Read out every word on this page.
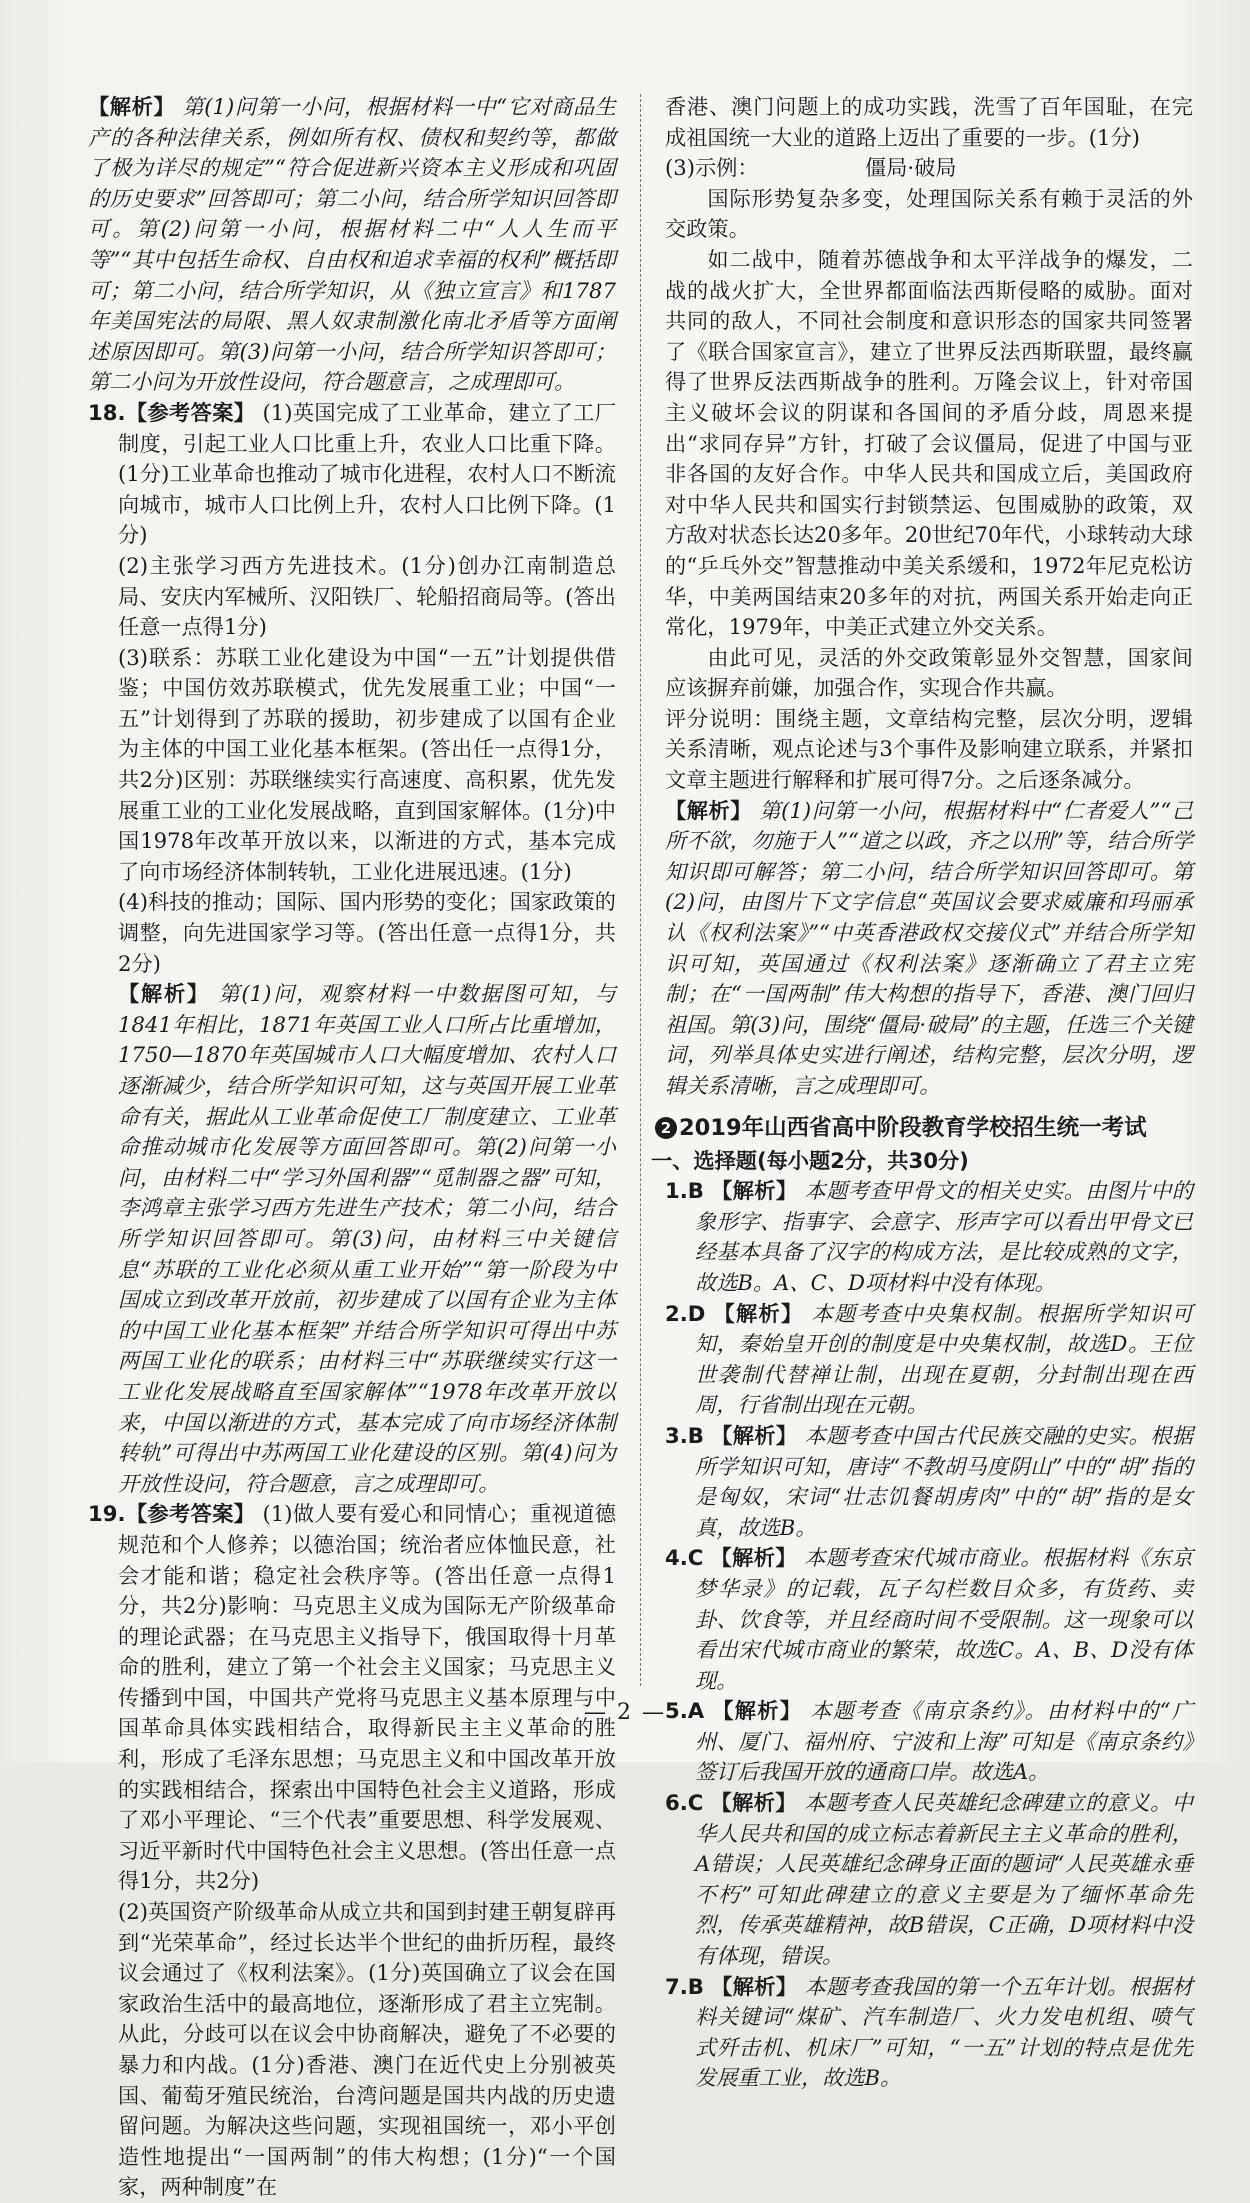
【解析】 第(1)问第一小问，根据材料一中“它对商品生产的各种法律关系，例如所有权、债权和契约等，都做了极为详尽的规定”“符合促进新兴资本主义形成和巩固的历史要求”回答即可；第二小问，结合所学知识回答即可。第(2)问第一小问，根据材料二中“人人生而平等”“其中包括生命权、自由权和追求幸福的权利”概括即可；第二小问，结合所学知识，从《独立宣言》和1787年美国宪法的局限、黑人奴隶制激化南北矛盾等方面阐述原因即可。第(3)问第一小问，结合所学知识答即可；第二小问为开放性设问，符合题意言，之成理即可。

18.【参考答案】 (1)英国完成了工业革命，建立了工厂制度，引起工业人口比重上升，农业人口比重下降。(1分)工业革命也推动了城市化进程，农村人口不断流向城市，城市人口比例上升，农村人口比例下降。(1分)

(2)主张学习西方先进技术。(1分)创办江南制造总局、安庆内军械所、汉阳铁厂、轮船招商局等。(答出任意一点得1分)

(3)联系：苏联工业化建设为中国“一五”计划提供借鉴；中国仿效苏联模式，优先发展重工业；中国“一五”计划得到了苏联的援助，初步建成了以国有企业为主体的中国工业化基本框架。(答出任一点得1分，共2分)区别：苏联继续实行高速度、高积累，优先发展重工业的工业化发展战略，直到国家解体。(1分)中国1978年改革开放以来，以渐进的方式，基本完成了向市场经济体制转轨，工业化进展迅速。(1分)

(4)科技的推动；国际、国内形势的变化；国家政策的调整，向先进国家学习等。(答出任意一点得1分，共2分)

【解析】 第(1)问，观察材料一中数据图可知，与1841年相比，1871年英国工业人口所占比重增加，1750—1870年英国城市人口大幅度增加、农村人口逐渐减少，结合所学知识可知，这与英国开展工业革命有关，据此从工业革命促使工厂制度建立、工业革命推动城市化发展等方面回答即可。第(2)问第一小问，由材料二中“学习外国利器”“觅制器之器”可知，李鸿章主张学习西方先进生产技术；第二小问，结合所学知识回答即可。第(3)问，由材料三中关键信息“苏联的工业化必须从重工业开始”“第一阶段为中国成立到改革开放前，初步建成了以国有企业为主体的中国工业化基本框架”并结合所学知识可得出中苏两国工业化的联系；由材料三中“苏联继续实行这一工业化发展战略直至国家解体”“1978年改革开放以来，中国以渐进的方式，基本完成了向市场经济体制转轨”可得出中苏两国工业化建设的区别。第(4)问为开放性设问，符合题意，言之成理即可。

19.【参考答案】 (1)做人要有爱心和同情心；重视道德规范和个人修养；以德治国；统治者应体恤民意，社会才能和谐；稳定社会秩序等。(答出任意一点得1分，共2分)影响：马克思主义成为国际无产阶级革命的理论武器；在马克思主义指导下，俄国取得十月革命的胜利，建立了第一个社会主义国家；马克思主义传播到中国，中国共产党将马克思主义基本原理与中国革命具体实践相结合，取得新民主主义革命的胜利，形成了毛泽东思想；马克思主义和中国改革开放的实践相结合，探索出中国特色社会主义道路，形成了邓小平理论、“三个代表”重要思想、科学发展观、习近平新时代中国特色社会主义思想。(答出任意一点得1分，共2分)

(2)英国资产阶级革命从成立共和国到封建王朝复辟再到“光荣革命”，经过长达半个世纪的曲折历程，最终议会通过了《权利法案》。(1分)英国确立了议会在国家政治生活中的最高地位，逐渐形成了君主立宪制。从此，分歧可以在议会中协商解决，避免了不必要的暴力和内战。(1分)香港、澳门在近代史上分别被英国、葡萄牙殖民统治，台湾问题是国共内战的历史遗留问题。为解决这些问题，实现祖国统一，邓小平创造性地提出“一国两制”的伟大构想；(1分)“一个国家，两种制度”在

香港、澳门问题上的成功实践，洗雪了百年国耻，在完成祖国统一大业的道路上迈出了重要的一步。(1分)

(3)示例：	僵局·破局

国际形势复杂多变，处理国际关系有赖于灵活的外交政策。

如二战中，随着苏德战争和太平洋战争的爆发，二战的战火扩大，全世界都面临法西斯侵略的威胁。面对共同的敌人，不同社会制度和意识形态的国家共同签署了《联合国家宣言》，建立了世界反法西斯联盟，最终赢得了世界反法西斯战争的胜利。万隆会议上，针对帝国主义破坏会议的阴谋和各国间的矛盾分歧，周恩来提出“求同存异”方针，打破了会议僵局，促进了中国与亚非各国的友好合作。中华人民共和国成立后，美国政府对中华人民共和国实行封锁禁运、包围威胁的政策，双方敌对状态长达20多年。20世纪70年代，小球转动大球的“乒乓外交”智慧推动中美关系缓和，1972年尼克松访华，中美两国结束20多年的对抗，两国关系开始走向正常化，1979年，中美正式建立外交关系。

由此可见，灵活的外交政策彰显外交智慧，国家间应该摒弃前嫌，加强合作，实现合作共赢。

评分说明：围绕主题，文章结构完整，层次分明，逻辑关系清晰，观点论述与3个事件及影响建立联系，并紧扣文章主题进行解释和扩展可得7分。之后逐条减分。

【解析】 第(1)问第一小问，根据材料中“仁者爱人”“己所不欲，勿施于人”“道之以政，齐之以刑”等，结合所学知识即可解答；第二小问，结合所学知识回答即可。第(2)问，由图片下文字信息“英国议会要求威廉和玛丽承认《权利法案》”“中英香港政权交接仪式”并结合所学知识可知，英国通过《权利法案》逐渐确立了君主立宪制；在“一国两制”伟大构想的指导下，香港、澳门回归祖国。第(3)问，围绕“僵局·破局”的主题，任选三个关键词，列举具体史实进行阐述，结构完整，层次分明，逻辑关系清晰，言之成理即可。

2 2019年山西省高中阶段教育学校招生统一考试

一、选择题(每小题2分，共30分)

1.B 【解析】 本题考查甲骨文的相关史实。由图片中的象形字、指事字、会意字、形声字可以看出甲骨文已经基本具备了汉字的构成方法，是比较成熟的文字，故选B。A、C、D项材料中没有体现。
2.D 【解析】 本题考查中央集权制。根据所学知识可知，秦始皇开创的制度是中央集权制，故选D。王位世袭制代替禅让制，出现在夏朝，分封制出现在西周，行省制出现在元朝。
3.B 【解析】 本题考查中国古代民族交融的史实。根据所学知识可知，唐诗“不教胡马度阴山”中的“胡”指的是匈奴，宋词“壮志饥餐胡虏肉”中的“胡”指的是女真，故选B。
4.C 【解析】 本题考查宋代城市商业。根据材料《东京梦华录》的记载，瓦子勾栏数目众多，有货药、卖卦、饮食等，并且经商时间不受限制。这一现象可以看出宋代城市商业的繁荣，故选C。A、B、D没有体现。
5.A 【解析】 本题考查《南京条约》。由材料中的“广州、厦门、福州府、宁波和上海”可知是《南京条约》签订后我国开放的通商口岸。故选A。
6.C 【解析】 本题考查人民英雄纪念碑建立的意义。中华人民共和国的成立标志着新民主主义革命的胜利，A错误；人民英雄纪念碑身正面的题词“人民英雄永垂不朽”可知此碑建立的意义主要是为了缅怀革命先烈，传承英雄精神，故B错误，C正确，D项材料中没有体现，错误。
7.B 【解析】 本题考查我国的第一个五年计划。根据材料关键词“煤矿、汽车制造厂、火力发电机组、喷气式歼击机、机床厂”可知，“一五”计划的特点是优先发展重工业，故选B。
— 2 —
